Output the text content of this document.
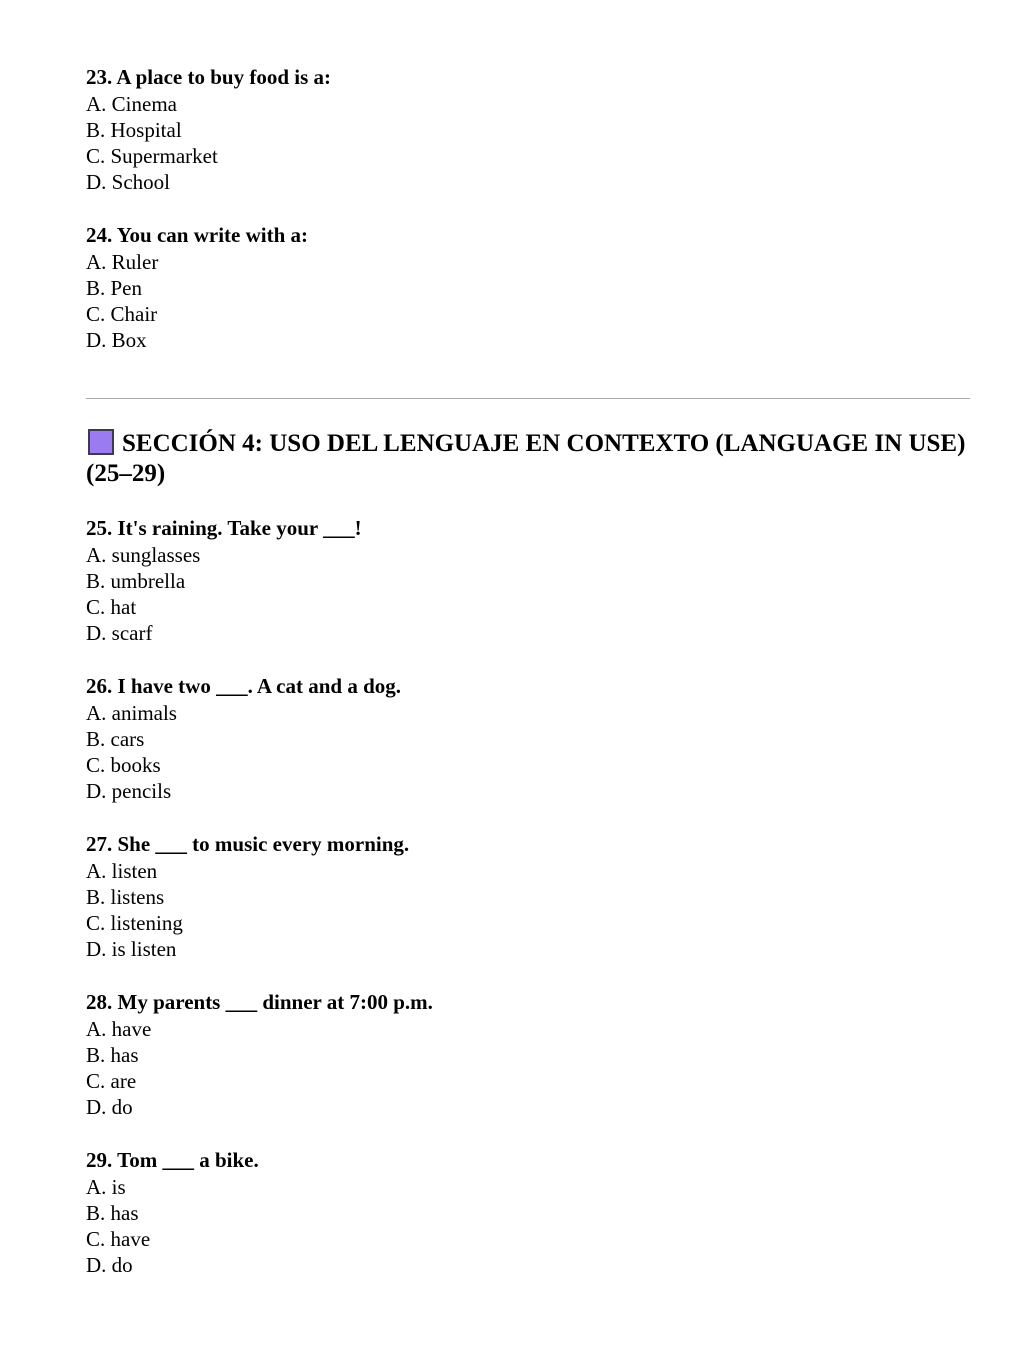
23. A place to buy food is a:

A. Cinema

B. Hospital

C. Supermarket

D. School

24. You can write with a:

A. Ruler

B. Pen

C. Chair

D. Box

SECCIÓN 4: USO DEL LENGUAJE EN CONTEXTO (LANGUAGE IN USE) (25–29)

25. It's raining. Take your ___!

A. sunglasses

B. umbrella

C. hat

D. scarf

26. I have two ___. A cat and a dog.

A. animals

B. cars

C. books

D. pencils

27. She ___ to music every morning.

A. listen

B. listens

C. listening

D. is listen

28. My parents ___ dinner at 7:00 p.m.

A. have

B. has

C. are

D. do

29. Tom ___ a bike.

A. is

B. has

C. have

D. do
